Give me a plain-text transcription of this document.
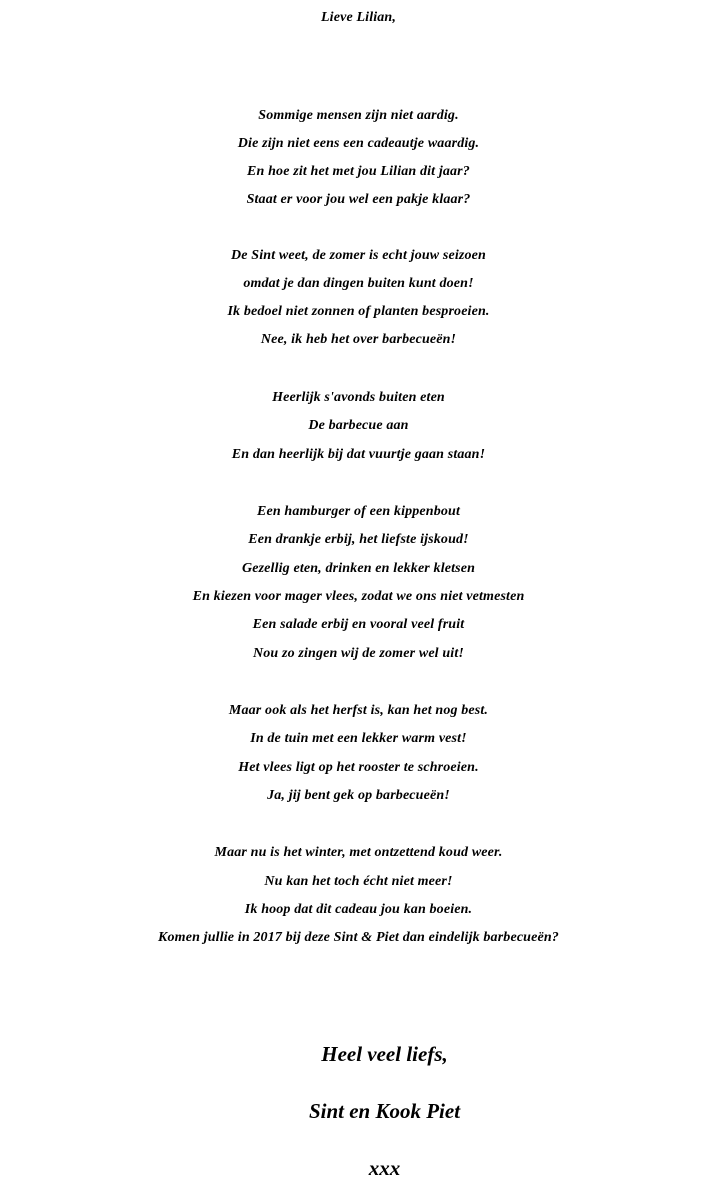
Lieve Lilian,
Sommige mensen zijn niet aardig.
Die zijn niet eens een cadeautje waardig.
En hoe zit het met jou Lilian dit jaar?
Staat er voor jou wel een pakje klaar?
De Sint weet, de zomer is echt jouw seizoen
omdat je dan dingen buiten kunt doen!
Ik bedoel niet zonnen of planten besproeien.
Nee, ik heb het over barbecueën!
Heerlijk s'avonds buiten eten
De barbecue aan
En dan heerlijk bij dat vuurtje gaan staan!
Een hamburger of een kippenbout
Een drankje erbij, het liefste ijskoud!
Gezellig eten, drinken en lekker kletsen
En kiezen voor mager vlees, zodat we ons niet vetmesten
Een salade erbij en vooral veel fruit
Nou zo zingen wij de zomer wel uit!
Maar ook als het herfst is, kan het nog best.
In de tuin met een lekker warm vest!
Het vlees ligt op het rooster te schroeien.
Ja, jij bent gek op barbecueën!
Maar nu is het winter, met ontzettend koud weer.
Nu kan het toch écht niet meer!
Ik hoop dat dit cadeau jou kan boeien.
Komen jullie in 2017 bij deze Sint & Piet dan eindelijk barbecueën?
Heel veel liefs,
Sint en Kook Piet
xxx
